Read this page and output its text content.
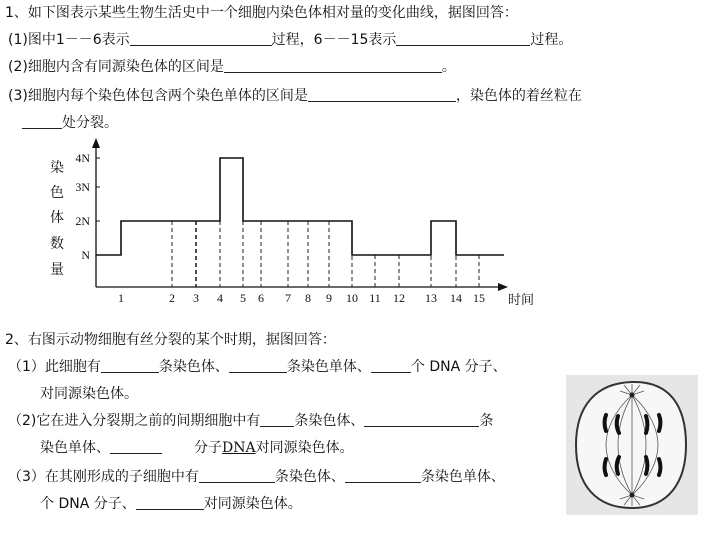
1、如下图表示某些生物生活史中一个细胞内染色体相对量的变化曲线，据图回答：
(1)图中1－－6表示	过程，6－－15表示	过程。
(2)细胞内含有同源染色体的区间是	。
(3)细胞内每个染色体包含两个染色单体的区间是	，染色体的着丝粒在
处分裂。
染
色
体
数
量
N
2N
3N
4N
1	2 3 4 5 6 7 8 9 10 11 12 13 14 15 时间
2、右图示动物细胞有丝分裂的某个时期，据图回答：
（1）此细胞有	条染色体、	条染色单体、	个 DNA 分子、
对同源染色体。
（2)它在进入分裂期之前的间期细胞中有 条染色体、	条
染色单体、	分子DNA对同源染色体。
（3）在其刚形成的子细胞中有	条染色体、	条染色单体、
个 DNA 分子、	对同源染色体。
